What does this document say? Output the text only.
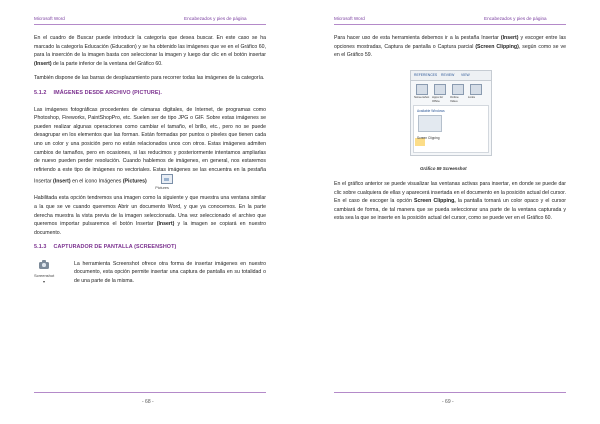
Microsoft Word	Encabezados y pies de página

En el cuadro de Buscar puede introducir la categoría que desea buscar. En este caso se ha marcado la categoría Educación (Education) y se ha obtenido las imágenes que ve en el Gráfico 60, para la inserción de la imagen basta con seleccionar la imagen y luego dar clic en el botón insertar (Insert) de la parte inferior de la ventana del Gráfico 60.

También dispone de las barras de desplazamiento para recorrer todas las imágenes de la categoría.

5.1.2 IMÁGENES DESDE ARCHIVO (PICTURE).

Las imágenes fotográficas procedentes de cámaras digitales, de Internet, de programas como Photoshop, Fireworks, PaintShopPro, etc. Suelen ser de tipo JPG o GIF. Sobre estas imágenes se pueden realizar algunas operaciones como cambiar el tamaño, el brillo, etc., pero no se puede desagrupar en los elementos que las forman. Están formadas por puntos o pixeles que tienen cada uno un color y una posición pero no están relacionados unos con otros. Estas imágenes admiten cambios de tamaños, pero en ocasiones, si las reducimos y posteriormente intentamos ampliarlas de nuevo pueden perder resolución. Cuando hablemos de imágenes, en general, nos estaremos refiriendo a este tipo de imágenes no vectoriales. Estas imágenes se las encuentra en la pestaña Insertar (Insert) en el icono Imágenes (Pictures)
Pictures

Habilitada esta opción tendremos una imagen como la siguiente y que muestra una ventana similar a la que se ve cuando queremos Abrir un documento Word, y que ya conocemos. En la parte derecha muestra la vista previa de la imagen seleccionada. Una vez seleccionado el archivo que queremos importar pulsaremos el botón Insertar (Insert) y la imagen se copiará en nuestro documento.

5.1.3 CAPTURADOR DE PANTALLA (SCREENSHOT)
Screenshot
▾

La herramienta Screenshot ofrece otra forma de insertar imágenes en nuestro documento, esta opción permite insertar una captura de pantalla en su totalidad o de una parte de la misma.

- 68 -
Microsoft Word	Encabezados y pies de página

Para hacer uso de esta herramienta debemos ir a la pestaña Insertar (Insert) y escoger entre las opciones mostradas, Captura de pantalla o Captura parcial (Screen Clipping), según como se ve en el Gráfico 59.

REFERENCES REVIEW VIEW
Screenshot Apps for Office
Online Video
Links
Available Windows
Screen Clipping
Gráfico 59 Screenshot

En el gráfico anterior se puede visualizar las ventanas activas para insertar, en donde se puede dar clic sobre cualquiera de ellas y aparecerá insertada en el documento en la posición actual del cursor. En el caso de escoger la opción Screen Clipping, la pantalla tornará un color opaco y el cursor cambiará de forma, de tal manera que se pueda seleccionar una parte de la ventana capturada y esta sea la que se inserte en la posición actual del cursor, como se puede ver en el Gráfico 60.

- 69 -
